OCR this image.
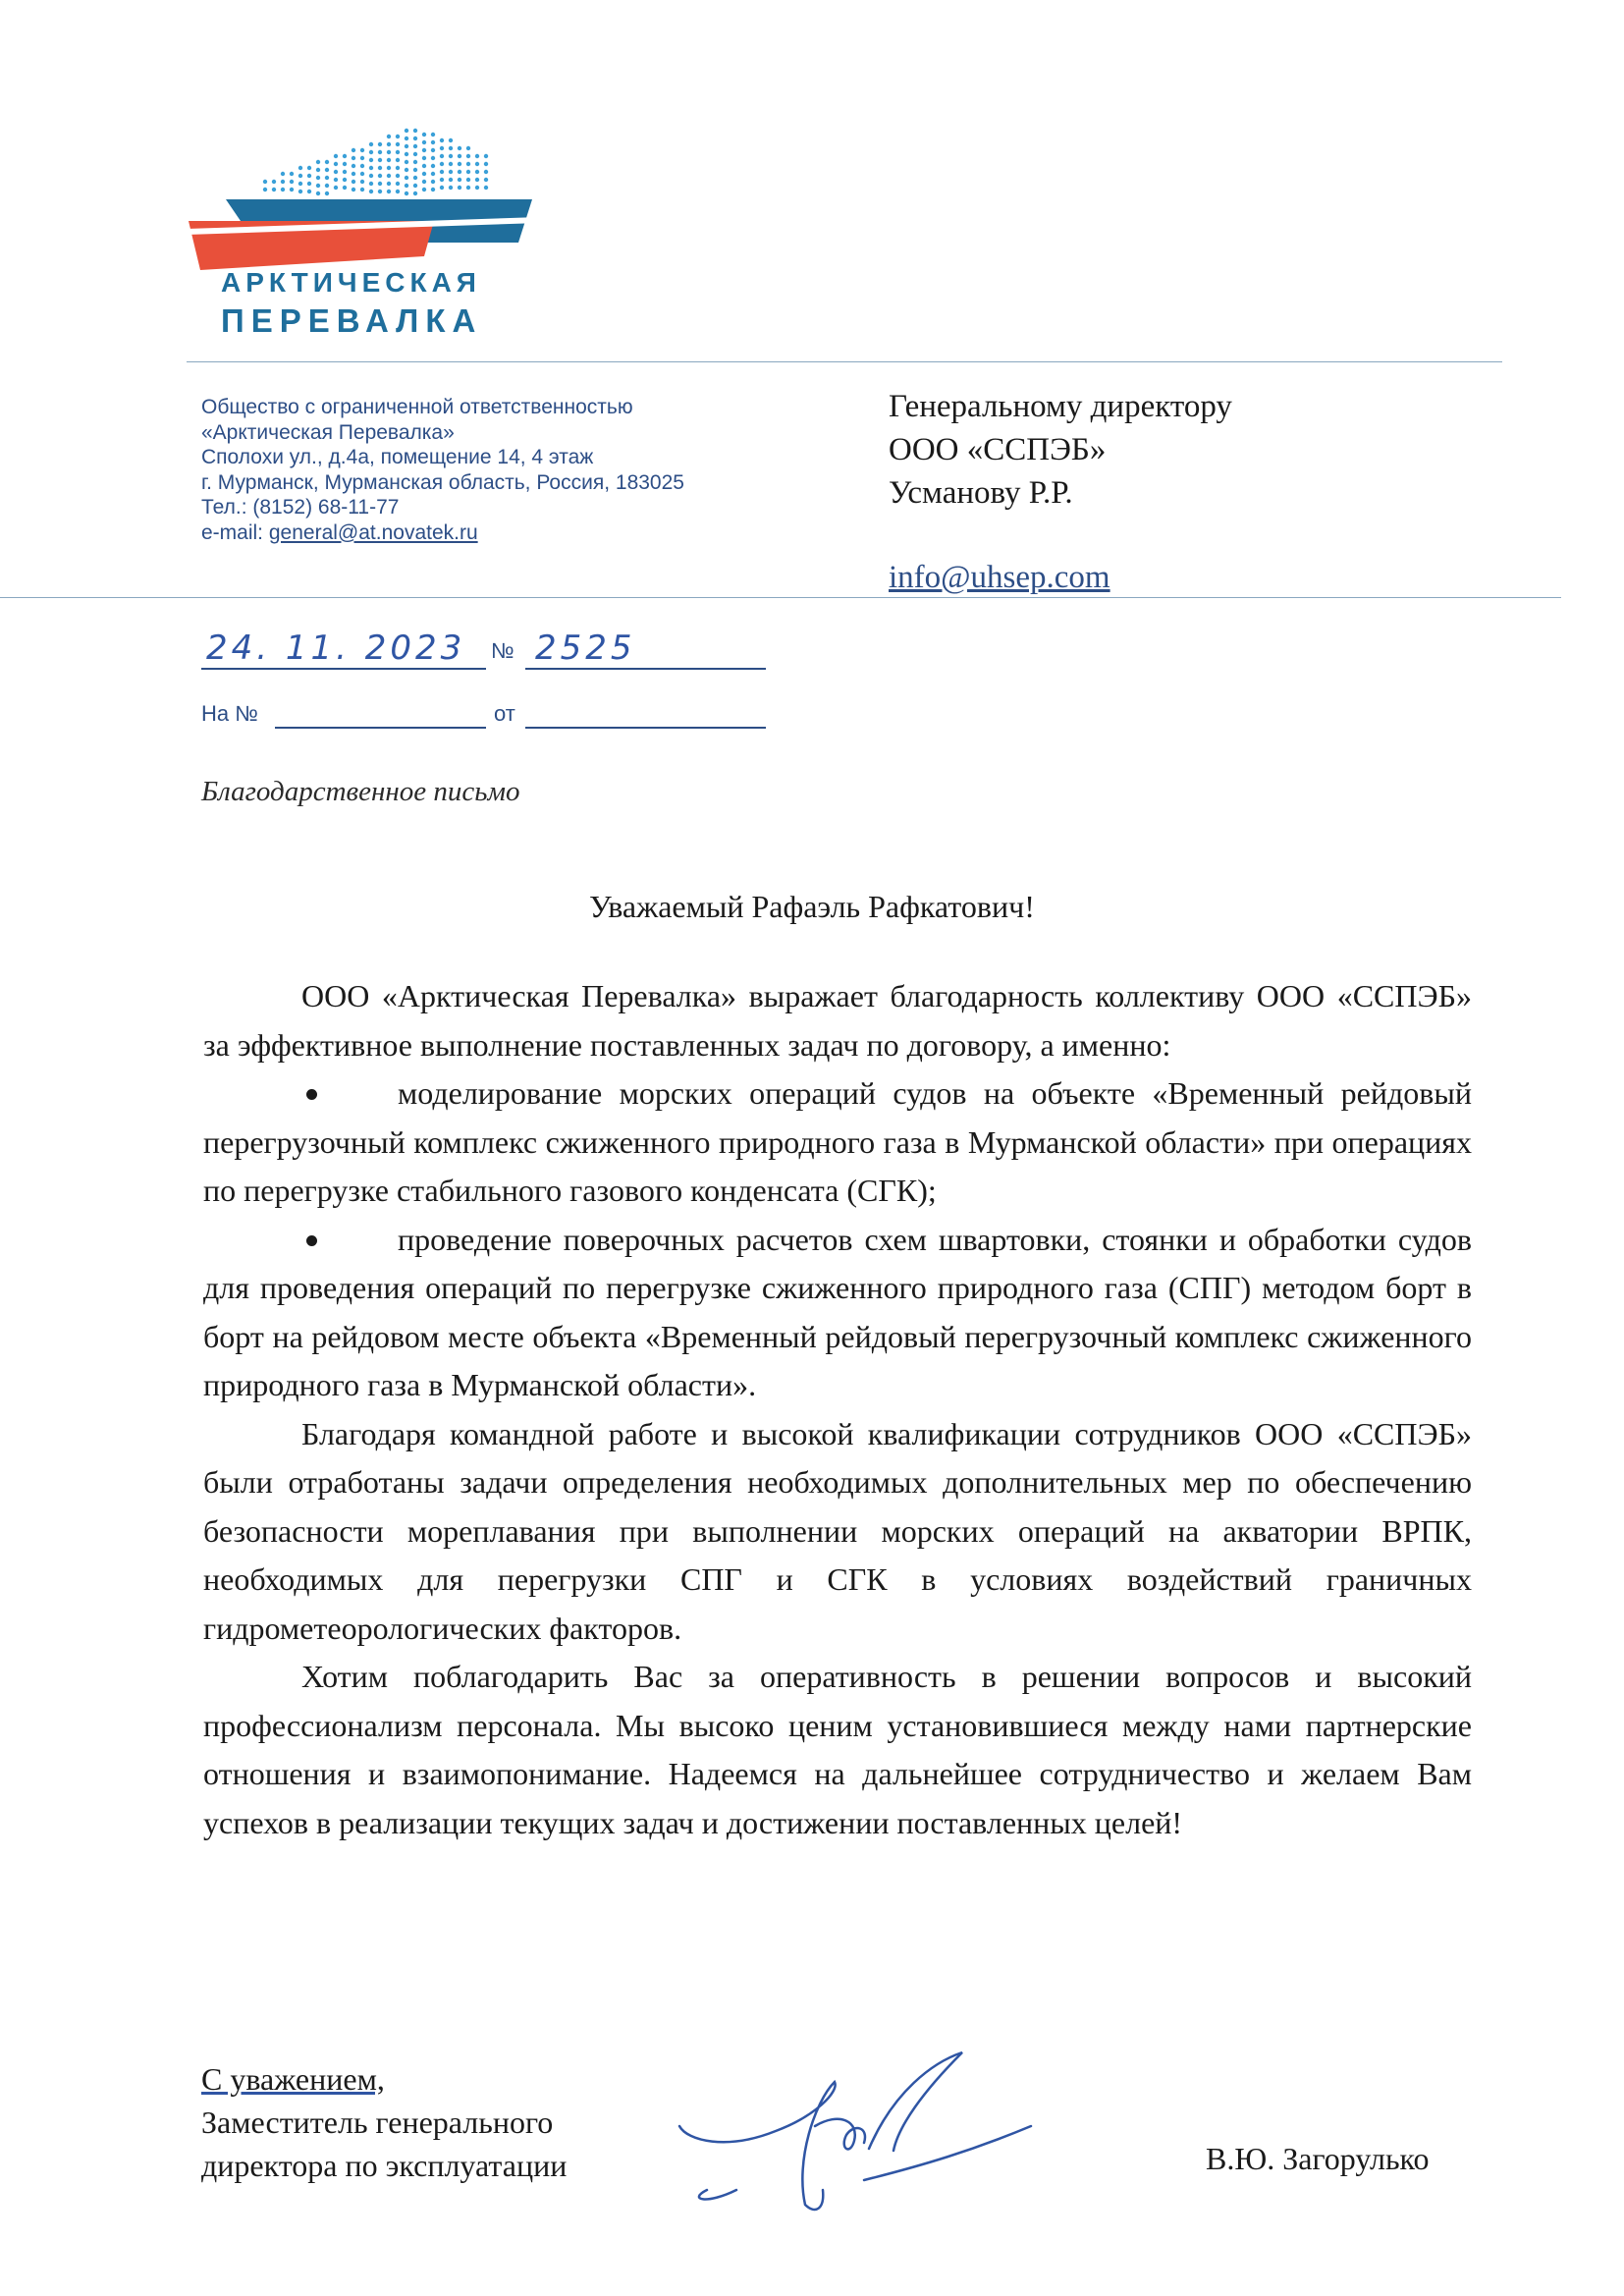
АРКТИЧЕСКАЯ
ПЕРЕВАЛКА
Общество с ограниченной ответственностью
«Арктическая Перевалка»
Сполохи ул., д.4а, помещение 14, 4 этаж
г. Мурманск, Мурманская область, Россия, 183025
Тел.: (8152) 68-11-77
e-mail: general@at.novatek.ru
Генеральному директору
ООО «ССПЭБ»
Усманову Р.Р.
info@uhsep.com
24. 11. 2023 № 2525
На №	от
Благодарственное письмо
Уважаемый Рафаэль Рафкатович!

ООО «Арктическая Перевалка» выражает благодарность коллективу ООО «ССПЭБ» за эффективное выполнение поставленных задач по договору, а именно:

моделирование морских операций судов на объекте «Временный рейдовый перегрузочный комплекс сжиженного природного газа в Мурманской области» при операциях по перегрузке стабильного газового конденсата (СГК);
проведение поверочных расчетов схем швартовки, стоянки и обработки судов для проведения операций по перегрузке сжиженного природного газа (СПГ) методом борт в борт на рейдовом месте объекта «Временный рейдовый перегрузочный комплекс сжиженного природного газа в Мурманской области».

Благодаря командной работе и высокой квалификации сотрудников ООО «ССПЭБ» были отработаны задачи определения необходимых дополнительных мер по обеспечению безопасности мореплавания при выполнении морских операций на акватории ВРПК, необходимых для перегрузки СПГ и СГК в условиях воздействий граничных гидрометеорологических факторов.

Хотим поблагодарить Вас за оперативность в решении вопросов и высокий профессионализм персонала. Мы высоко ценим установившиеся между нами партнерские отношения и взаимопонимание. Надеемся на дальнейшее сотрудничество и желаем Вам успехов в реализации текущих задач и достижении поставленных целей!

С уважением,
Заместитель генерального
директора по эксплуатации	В.Ю. Загорулько
